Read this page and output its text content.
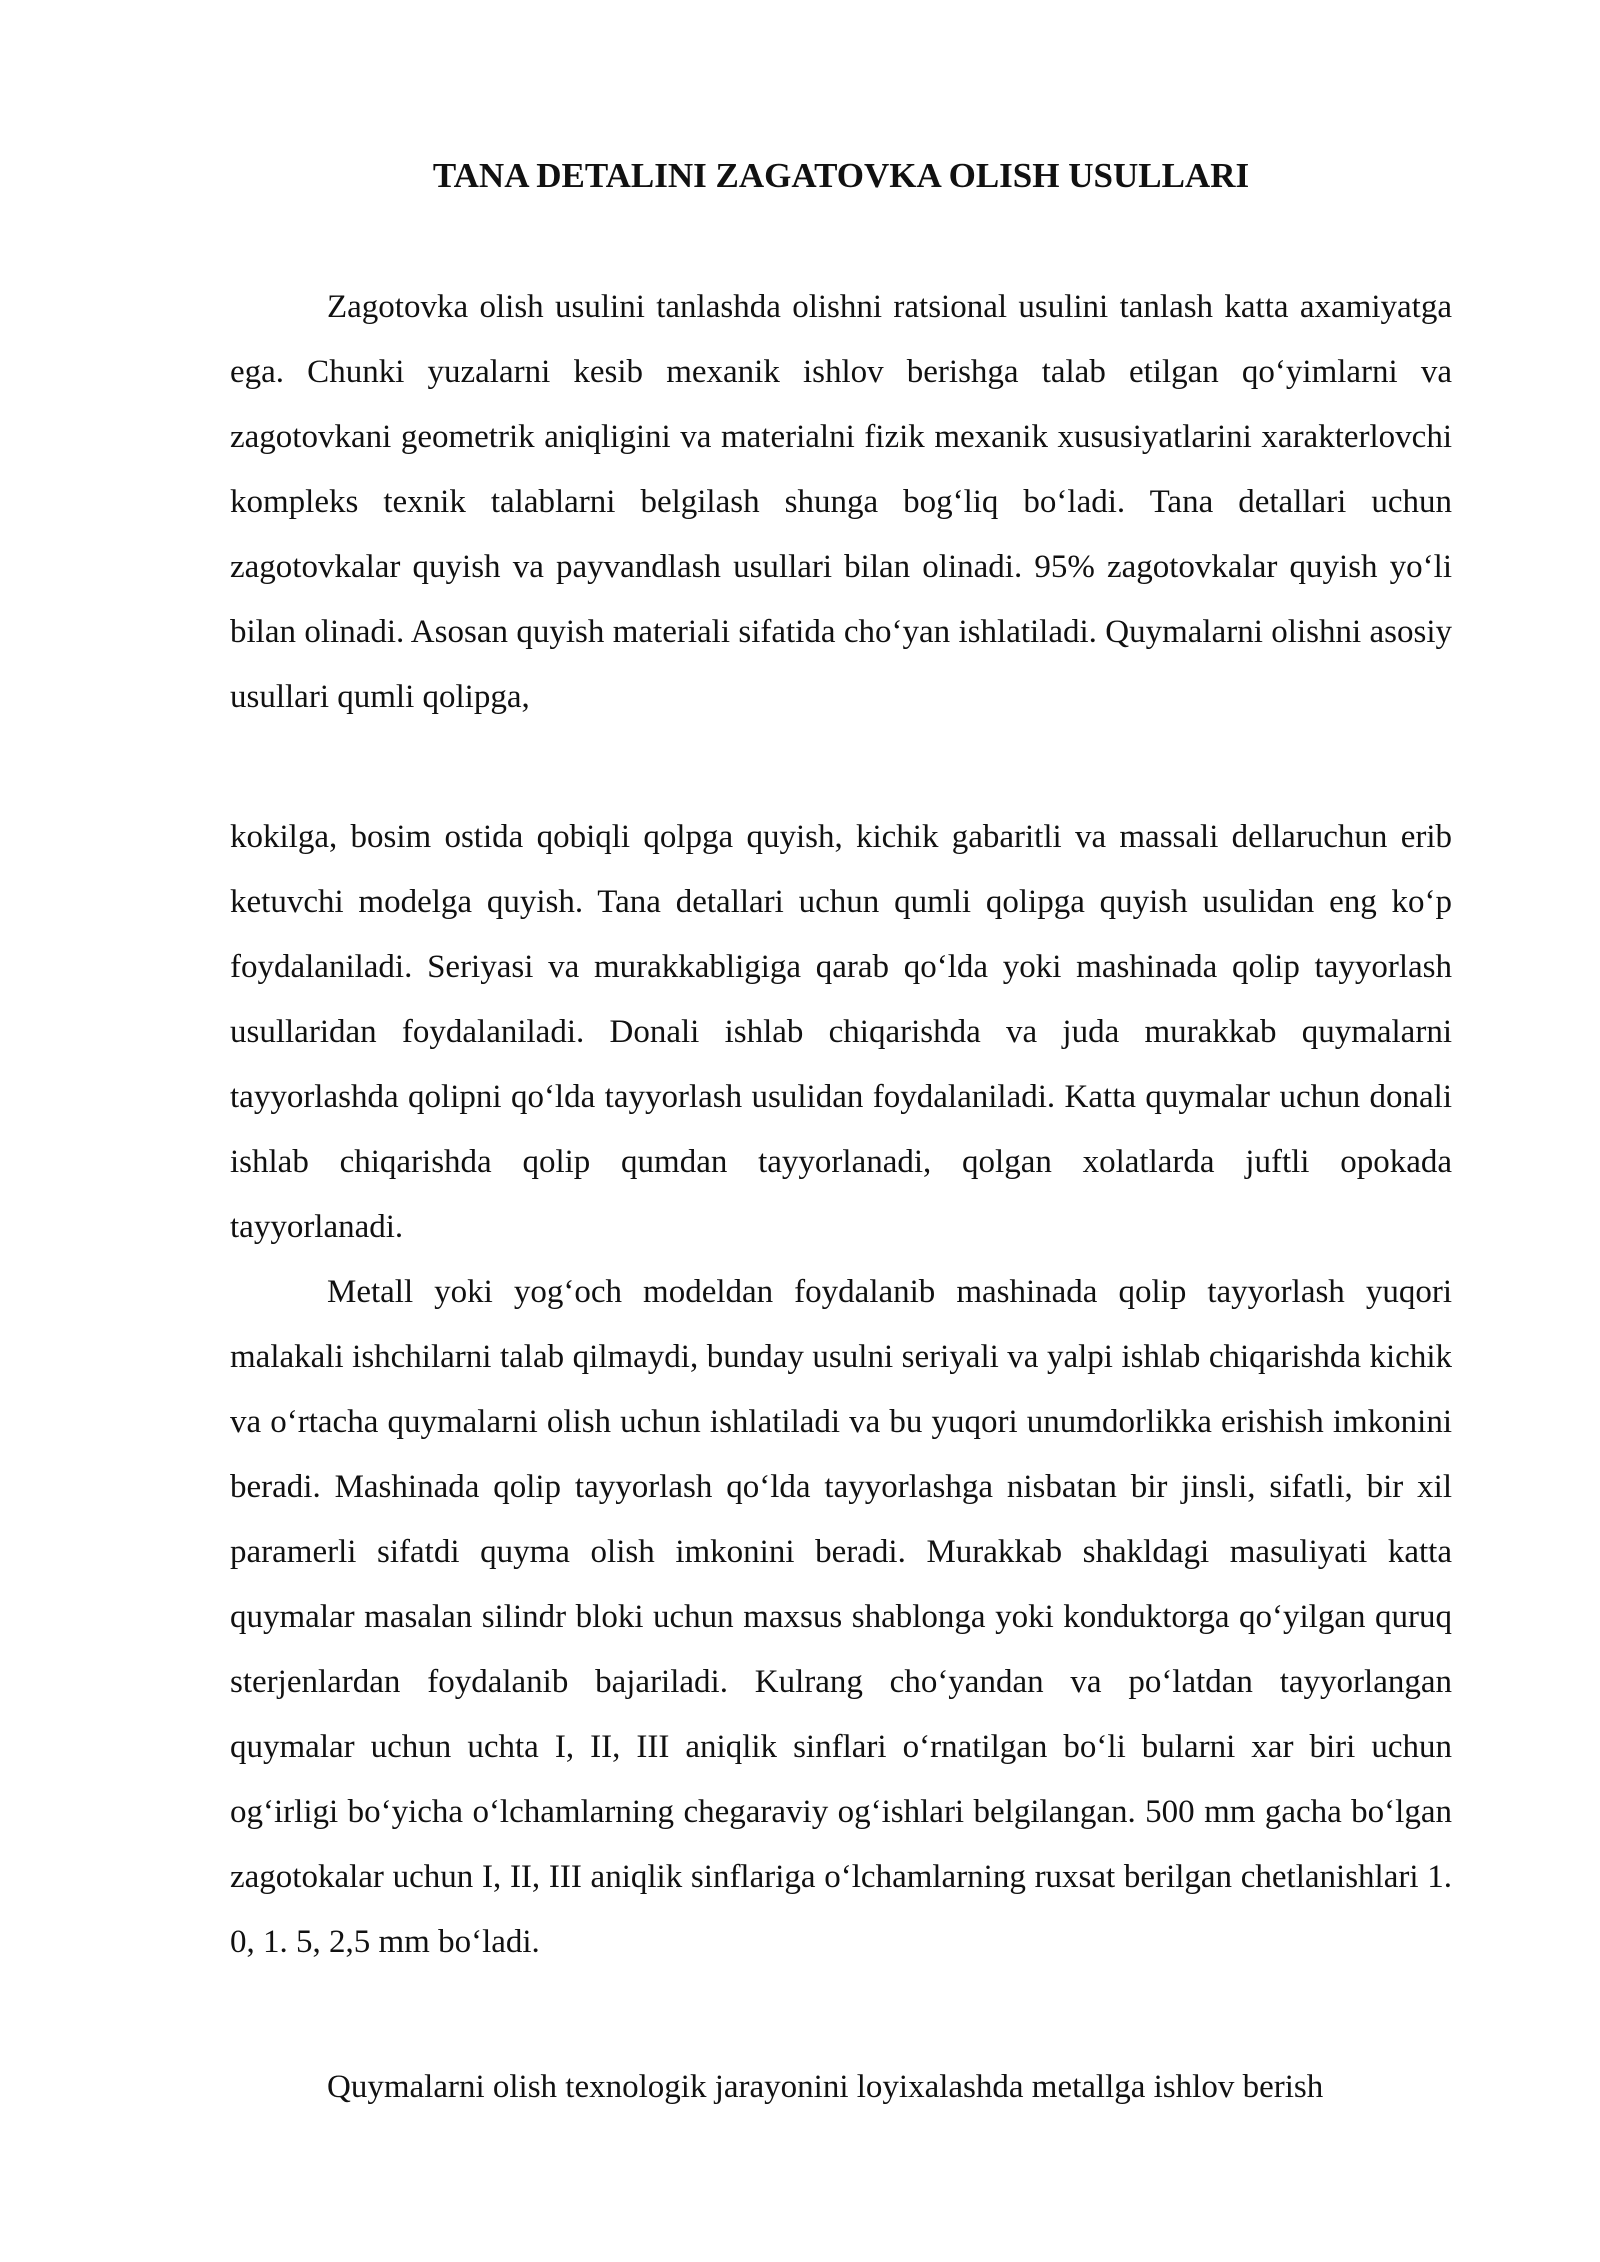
TANA DETALINI ZAGATOVKA OLISH USULLARI

Zagotovka olish usulini tanlashda olishni ratsional usulini tanlash katta axamiyatga ega. Chunki yuzalarni kesib mexanik ishlov berishga talab etilgan qo‘yimlarni va zagotovkani geometrik aniqligini va materialni fizik mexanik xususiyatlarini xarakterlovchi kompleks texnik talablarni belgilash shunga bog‘liq bo‘ladi. Tana detallari uchun zagotovkalar quyish va payvandlash usullari bilan olinadi. 95% zagotovkalar quyish yo‘li bilan olinadi. Asosan quyish materiali sifatida cho‘yan ishlatiladi. Quymalarni olishni asosiy usullari qumli qolipga,

kokilga, bosim ostida qobiqli qolpga quyish, kichik gabaritli va massali dellaruchun erib ketuvchi modelga quyish. Tana detallari uchun qumli qolipga quyish usulidan eng ko‘p foydalaniladi. Seriyasi va murakkabligiga qarab qo‘lda yoki mashinada qolip tayyorlash usullaridan foydalaniladi. Donali ishlab chiqarishda va juda murakkab quymalarni tayyorlashda qolipni qo‘lda tayyorlash usulidan foydalaniladi. Katta quymalar uchun donali ishlab chiqarishda qolip qumdan tayyorlanadi, qolgan xolatlarda juftli opokada tayyorlanadi.

Metall yoki yog‘och modeldan foydalanib mashinada qolip tayyorlash yuqori malakali ishchilarni talab qilmaydi, bunday usulni seriyali va yalpi ishlab chiqarishda kichik va o‘rtacha quymalarni olish uchun ishlatiladi va bu yuqori unumdorlikka erishish imkonini beradi. Mashinada qolip tayyorlash qo‘lda tayyorlashga nisbatan bir jinsli, sifatli, bir xil paramerli sifatdi quyma olish imkonini beradi. Murakkab shakldagi masuliyati katta quymalar masalan silindr bloki uchun maxsus shablonga yoki konduktorga qo‘yilgan quruq sterjenlardan foydalanib bajariladi. Kulrang cho‘yandan va po‘latdan tayyorlangan quymalar uchun uchta I, II, III aniqlik sinflari o‘rnatilgan bo‘li bularni xar biri uchun og‘irligi bo‘yicha o‘lchamlarning chegaraviy og‘ishlari belgilangan. 500 mm gacha bo‘lgan zagotokalar uchun I, II, III aniqlik sinflariga o‘lchamlarning ruxsat berilgan chetlanishlari 1. 0, 1. 5, 2,5 mm bo‘ladi.

Quymalarni olish texnologik jarayonini loyixalashda metallga ishlov berish
